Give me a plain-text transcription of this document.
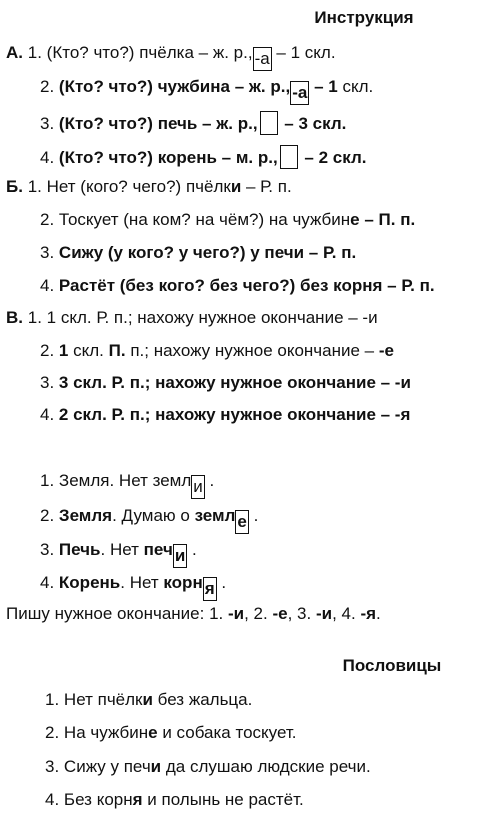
Инструкция
А. 1. (Кто? что?) пчёлка – ж. р., -а – 1 скл.
2. (Кто? что?) чужбина – ж. р., -а – 1 скл.
3. (Кто? что?) печь – ж. р., – 3 скл.
4. (Кто? что?) корень – м. р., – 2 скл.
Б. 1. Нет (кого? чего?) пчёлки – Р. п.
2. Тоскует (на ком? на чём?) на чужбине – П. п.
3. Сижу (у кого? у чего?) у печи – Р. п.
4. Растёт (без кого? без чего?) без корня – Р. п.
В. 1. 1 скл. Р. п.; нахожу нужное окончание – -и
2. 1 скл. П. п.; нахожу нужное окончание – -е
3. 3 скл. Р. п.; нахожу нужное окончание – -и
4. 2 скл. Р. п.; нахожу нужное окончание – -я
1. Земля. Нет земл и .
2. Земля. Думаю о земл е .
3. Печь. Нет печ и .
4. Корень. Нет корн я .
Пишу нужное окончание: 1. -и, 2. -е, 3. -и, 4. -я.
Пословицы
1. Нет пчёлки без жальца.
2. На чужбине и собака тоскует.
3. Сижу у печи да слушаю людские речи.
4. Без корня и полынь не растёт.
